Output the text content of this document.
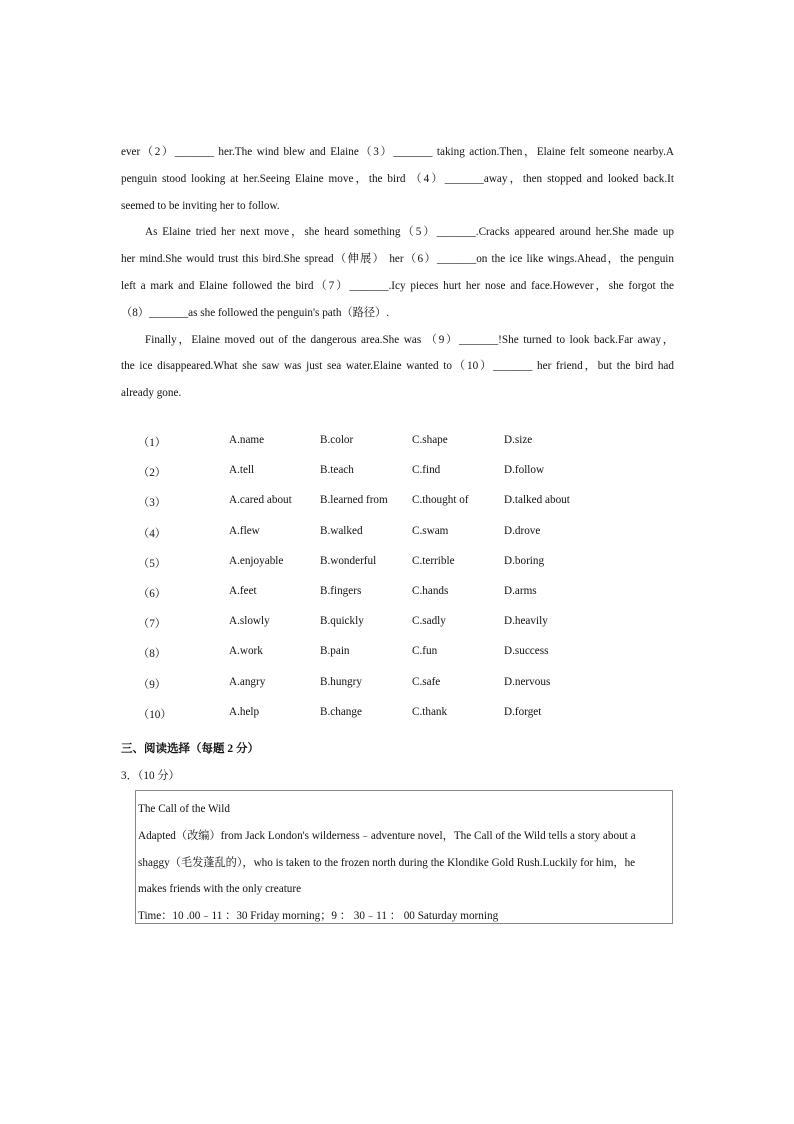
ever（2）_______ her.The wind blew and Elaine（3）_______ taking action.Then，Elaine felt someone nearby.A

penguin stood looking at her.Seeing Elaine move，the bird （4）_______away，then stopped and looked back.It

seemed to be inviting her to follow.

As Elaine tried her next move，she heard something（5）_______.Cracks appeared around her.She made up

her mind.She would trust this bird.She spread（伸展） her（6）_______on the ice like wings.Ahead，the penguin

left a mark and Elaine followed the bird（7）_______.Icy pieces hurt her nose and face.However，she forgot the

（8）_______as she followed the penguin's path（路径）.

Finally，Elaine moved out of the dangerous area.She was （9）_______!She turned to look back.Far away，

the ice disappeared.What she saw was just sea water.Elaine wanted to（10）_______ her friend，but the bird had

already gone.

（1）	A.name	B.color	C.shape	D.size
（2）	A.tell	B.teach	C.find	D.follow
（3）	A.cared about	B.learned from C.thought of	D.talked about
（4）	A.flew	B.walked	C.swam	D.drove
（5）	A.enjoyable	B.wonderful	C.terrible	D.boring
（6）	A.feet	B.fingers	C.hands	D.arms
（7）	A.slowly	B.quickly	C.sadly	D.heavily
（8）	A.work	B.pain	C.fun	D.success
（9）	A.angry	B.hungry	C.safe	D.nervous
（10）	A.help	B.change	C.thank	D.forget
三、阅读选择（每题 2 分）
3．（10 分）
The Call of the Wild
Adapted（改编）from Jack London's wilderness﹣adventure novel，The Call of the Wild tells a story about a
shaggy（毛发蓬乱的），who is taken to the frozen north during the Klondike Gold Rush.Luckily for him，he
makes friends with the only creature
Time：10 .00﹣11 ：30 Friday morning；9 ： 30﹣11 ： 00 Saturday morning
